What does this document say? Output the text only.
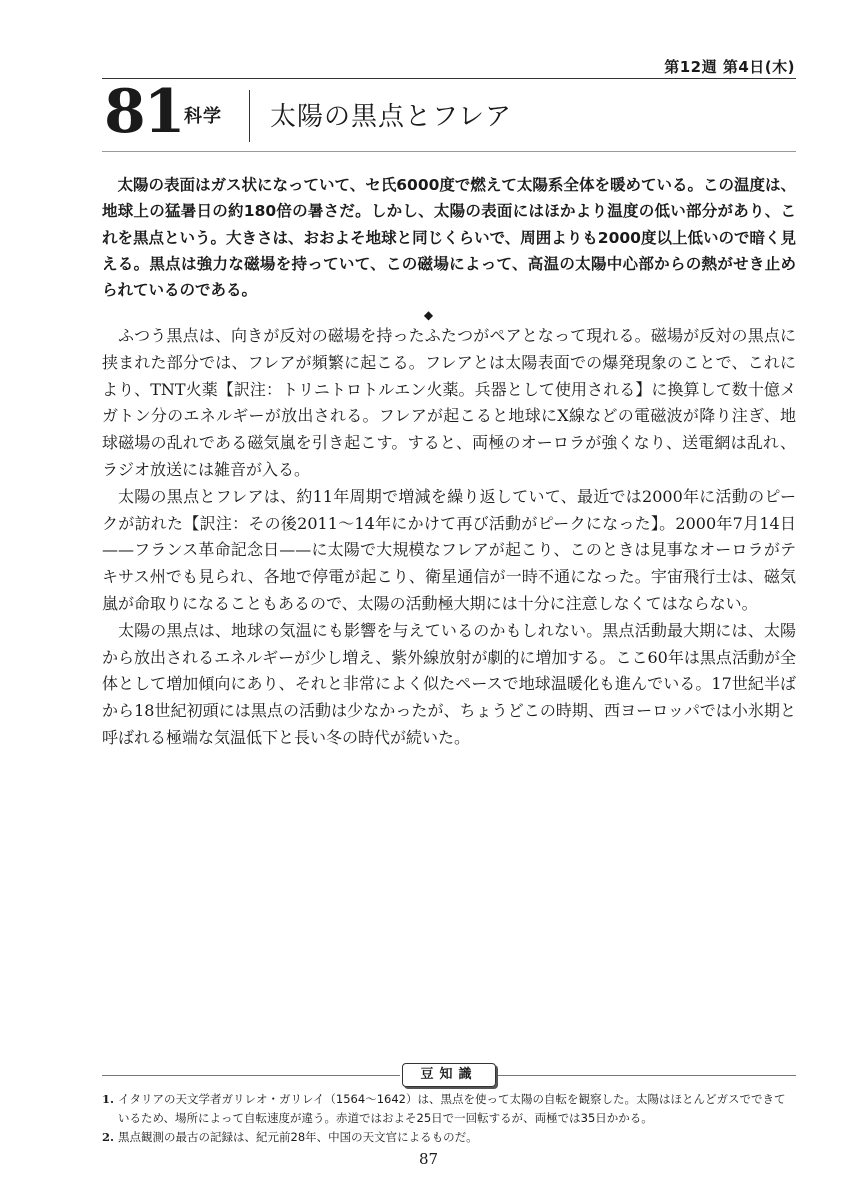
第12週 第4日(木)
81 科学 太陽の黒点とフレア

太陽の表面はガス状になっていて、セ氏6000度で燃えて太陽系全体を暖めている。この温度は、地球上の猛暑日の約180倍の暑さだ。しかし、太陽の表面にはほかより温度の低い部分があり、これを黒点という。大きさは、おおよそ地球と同じくらいで、周囲よりも2000度以上低いので暗く見える。黒点は強力な磁場を持っていて、この磁場によって、高温の太陽中心部からの熱がせき止められているのである。

◆

ふつう黒点は、向きが反対の磁場を持ったふたつがペアとなって現れる。磁場が反対の黒点に挟まれた部分では、フレアが頻繁に起こる。フレアとは太陽表面での爆発現象のことで、これにより、TNT火薬【訳注：トリニトロトルエン火薬。兵器として使用される】に換算して数十億メガトン分のエネルギーが放出される。フレアが起こると地球にX線などの電磁波が降り注ぎ、地球磁場の乱れである磁気嵐を引き起こす。すると、両極のオーロラが強くなり、送電網は乱れ、ラジオ放送には雑音が入る。

太陽の黒点とフレアは、約11年周期で増減を繰り返していて、最近では2000年に活動のピークが訪れた【訳注：その後2011〜14年にかけて再び活動がピークになった】。2000年7月14日——フランス革命記念日——に太陽で大規模なフレアが起こり、このときは見事なオーロラがテキサス州でも見られ、各地で停電が起こり、衛星通信が一時不通になった。宇宙飛行士は、磁気嵐が命取りになることもあるので、太陽の活動極大期には十分に注意しなくてはならない。

太陽の黒点は、地球の気温にも影響を与えているのかもしれない。黒点活動最大期には、太陽から放出されるエネルギーが少し増え、紫外線放射が劇的に増加する。ここ60年は黒点活動が全体として増加傾向にあり、それと非常によく似たペースで地球温暖化も進んでいる。17世紀半ばから18世紀初頭には黒点の活動は少なかったが、ちょうどこの時期、西ヨーロッパでは小氷期と呼ばれる極端な気温低下と長い冬の時代が続いた。

豆知識
1. イタリアの天文学者ガリレオ・ガリレイ（1564〜1642）は、黒点を使って太陽の自転を観察した。太陽はほとんどガスでできているため、場所によって自転速度が違う。赤道ではおよそ25日で一回転するが、両極では35日かかる。
2. 黒点観測の最古の記録は、紀元前28年、中国の天文官によるものだ。
87
